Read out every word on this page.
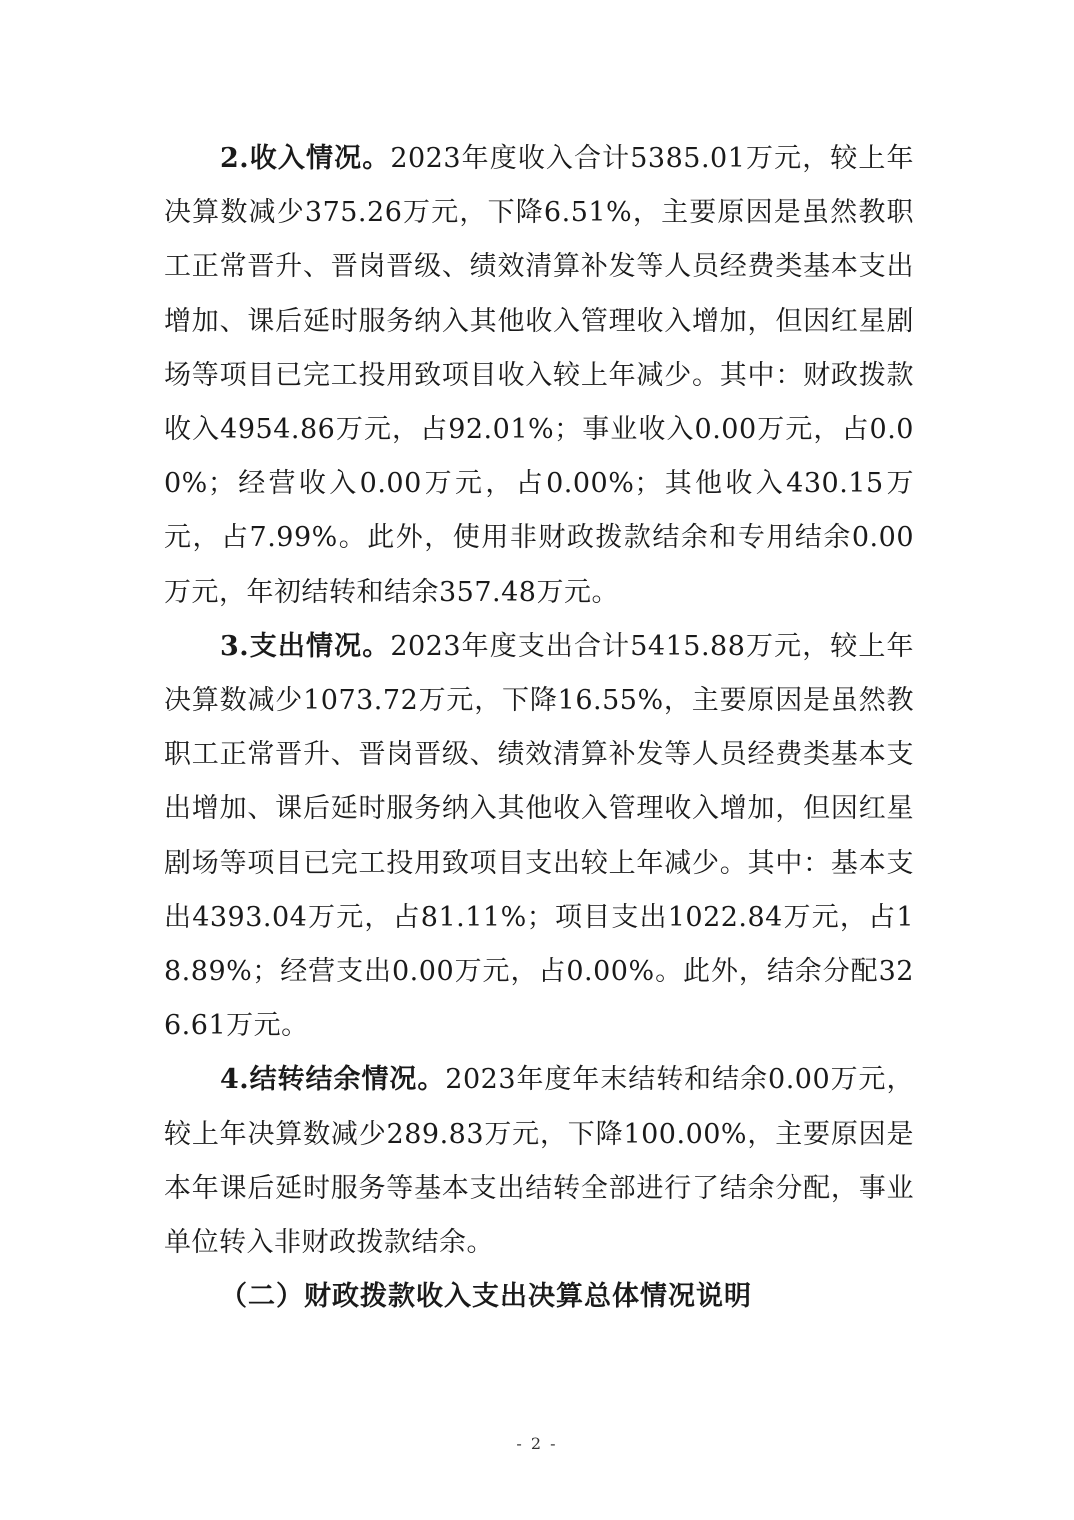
2.收入情况。2023年度收入合计5385.01万元，较上年决算数减少375.26万元，下降6.51%，主要原因是虽然教职工正常晋升、晋岗晋级、绩效清算补发等人员经费类基本支出增加、课后延时服务纳入其他收入管理收入增加，但因红星剧场等项目已完工投用致项目收入较上年减少。其中：财政拨款收入4954.86万元，占92.01%；事业收入0.00万元，占0.00%；经营收入0.00万元，占0.00%；其他收入430.15万元，占7.99%。此外，使用非财政拨款结余和专用结余0.00万元，年初结转和结余357.48万元。

3.支出情况。2023年度支出合计5415.88万元，较上年决算数减少1073.72万元，下降16.55%，主要原因是虽然教职工正常晋升、晋岗晋级、绩效清算补发等人员经费类基本支出增加、课后延时服务纳入其他收入管理收入增加，但因红星剧场等项目已完工投用致项目支出较上年减少。其中：基本支出4393.04万元，占81.11%；项目支出1022.84万元，占18.89%；经营支出0.00万元，占0.00%。此外，结余分配326.61万元。

4.结转结余情况。2023年度年末结转和结余0.00万元，较上年决算数减少289.83万元，下降100.00%，主要原因是本年课后延时服务等基本支出结转全部进行了结余分配，事业单位转入非财政拨款结余。

（二）财政拨款收入支出决算总体情况说明

- 2 -
